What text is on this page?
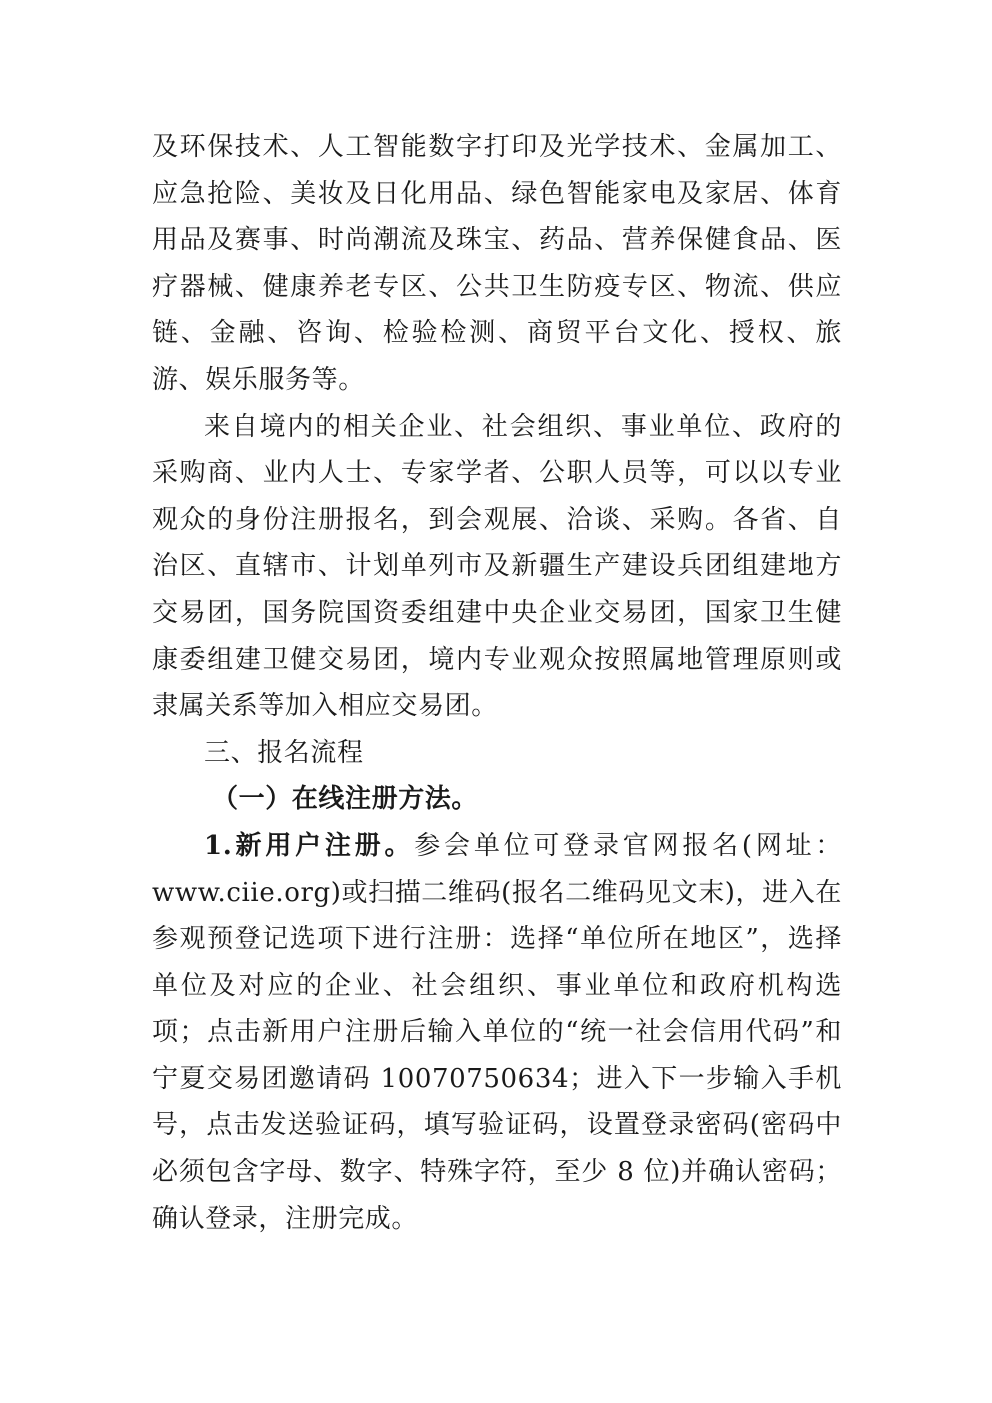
及环保技术、人工智能数字打印及光学技术、金属加工、应急抢险、美妆及日化用品、绿色智能家电及家居、体育用品及赛事、时尚潮流及珠宝、药品、营养保健食品、医疗器械、健康养老专区、公共卫生防疫专区、物流、供应链、金融、咨询、检验检测、商贸平台文化、授权、旅游、娱乐服务等。

来自境内的相关企业、社会组织、事业单位、政府的采购商、业内人士、专家学者、公职人员等，可以以专业观众的身份注册报名，到会观展、洽谈、采购。各省、自治区、直辖市、计划单列市及新疆生产建设兵团组建地方交易团，国务院国资委组建中央企业交易团，国家卫生健康委组建卫健交易团，境内专业观众按照属地管理原则或隶属关系等加入相应交易团。

三、报名流程

（一）在线注册方法。

1.新用户注册。参会单位可登录官网报名(网址：www.ciie.org)或扫描二维码(报名二维码见文末)，进入在参观预登记选项下进行注册：选择“单位所在地区”，选择单位及对应的企业、社会组织、事业单位和政府机构选项；点击新用户注册后输入单位的“统一社会信用代码”和宁夏交易团邀请码 10070750634；进入下一步输入手机号，点击发送验证码，填写验证码，设置登录密码(密码中必须包含字母、数字、特殊字符，至少 8 位)并确认密码；确认登录，注册完成。
